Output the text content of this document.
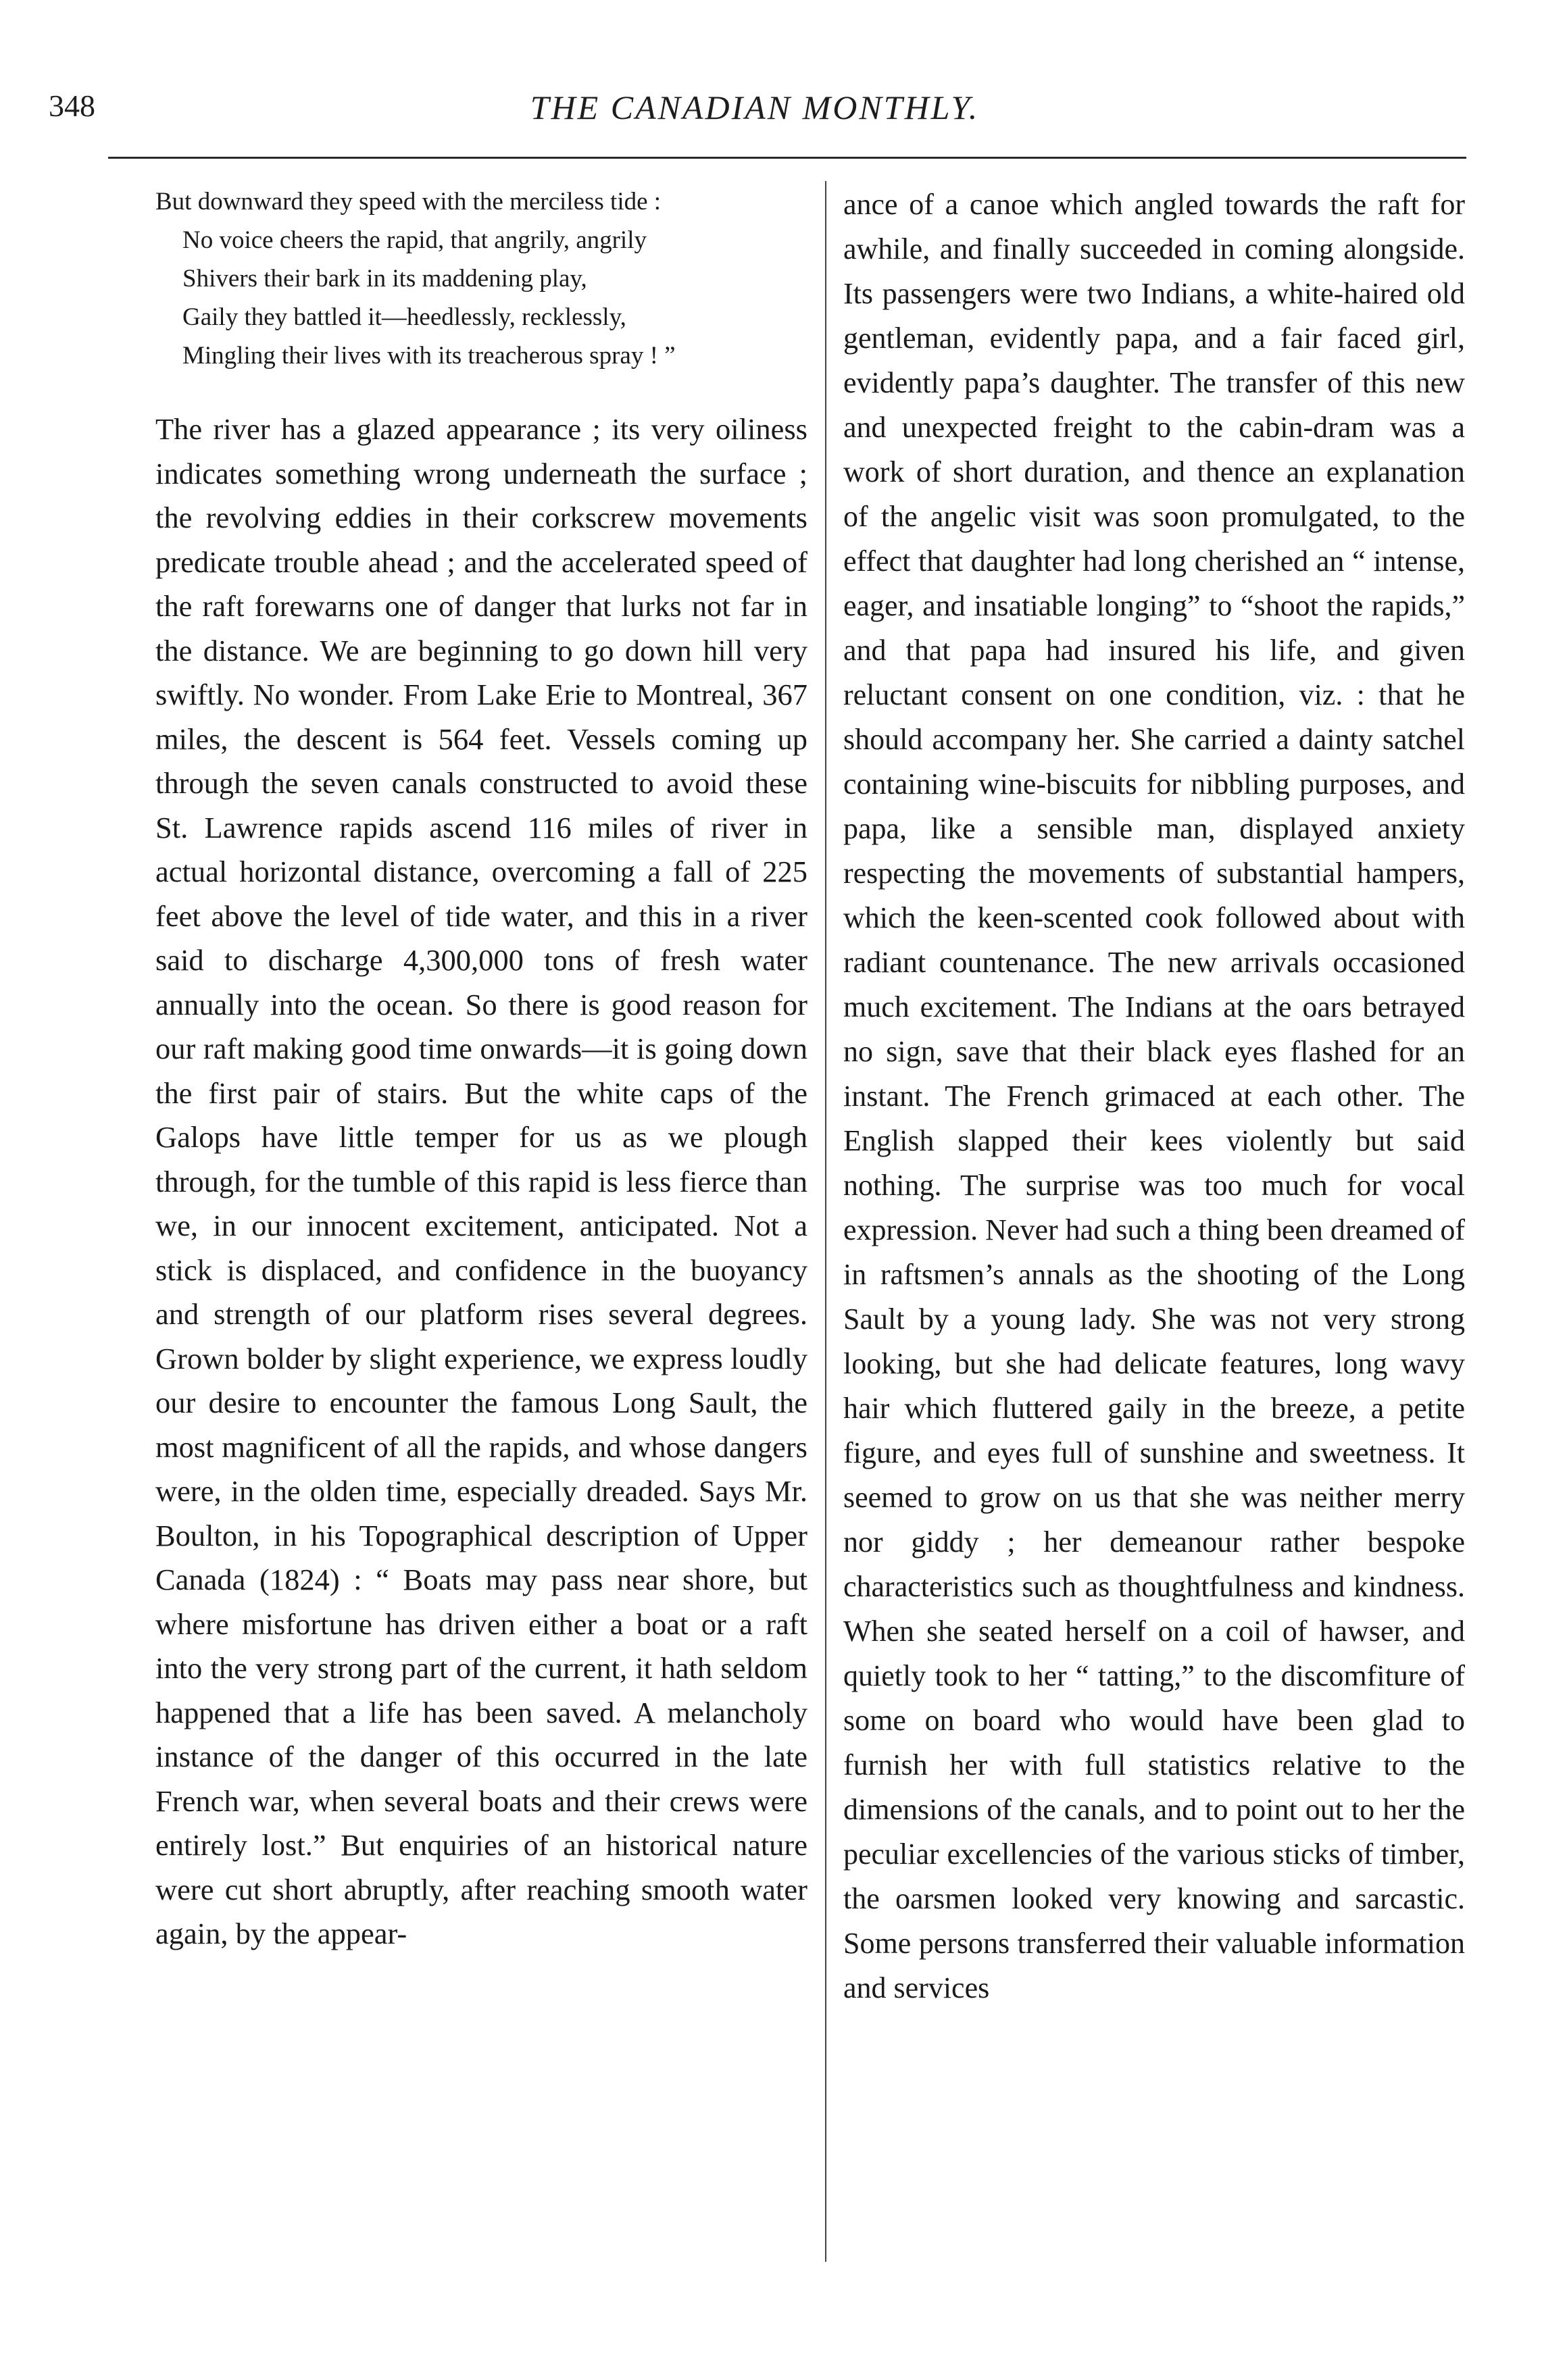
348	THE CANADIAN MONTHLY.
But downward they speed with the merciless tide :
No voice cheers the rapid, that angrily, angrily
Shivers their bark in its maddening play,
Gaily they battled it—heedlessly, recklessly,
Mingling their lives with its treacherous spray ! ”

The river has a glazed appearance ; its very oiliness indicates something wrong underneath the surface ; the revolving eddies in their corkscrew movements predicate trouble ahead ; and the accelerated speed of the raft forewarns one of danger that lurks not far in the distance. We are beginning to go down hill very swiftly. No wonder. From Lake Erie to Montreal, 367 miles, the descent is 564 feet. Vessels coming up through the seven canals constructed to avoid these St. Lawrence rapids ascend 116 miles of river in actual horizontal distance, overcoming a fall of 225 feet above the level of tide water, and this in a river said to discharge 4,300,000 tons of fresh water annually into the ocean. So there is good reason for our raft making good time onwards—it is going down the first pair of stairs. But the white caps of the Galops have little temper for us as we plough through, for the tumble of this rapid is less fierce than we, in our innocent excitement, anticipated. Not a stick is displaced, and confidence in the buoyancy and strength of our platform rises several degrees. Grown bolder by slight experience, we express loudly our desire to encounter the famous Long Sault, the most magnificent of all the rapids, and whose dangers were, in the olden time, especially dreaded. Says Mr. Boulton, in his Topographical description of Upper Canada (1824) : “ Boats may pass near shore, but where misfortune has driven either a boat or a raft into the very strong part of the current, it hath seldom happened that a life has been saved. A melancholy instance of the danger of this occurred in the late French war, when several boats and their crews were entirely lost.” But enquiries of an historical nature were cut short abruptly, after reaching smooth water again, by the appear-

ance of a canoe which angled towards the raft for awhile, and finally succeeded in coming alongside. Its passengers were two Indians, a white-haired old gentleman, evidently papa, and a fair faced girl, evidently papa’s daughter. The transfer of this new and unexpected freight to the cabin-dram was a work of short duration, and thence an explanation of the angelic visit was soon promulgated, to the effect that daughter had long cherished an “ intense, eager, and insatiable longing” to “shoot the rapids,” and that papa had insured his life, and given reluctant consent on one condition, viz. : that he should accompany her. She carried a dainty satchel containing wine-biscuits for nibbling purposes, and papa, like a sensible man, displayed anxiety respecting the movements of substantial hampers, which the keen-scented cook followed about with radiant countenance. The new arrivals occasioned much excitement. The Indians at the oars betrayed no sign, save that their black eyes flashed for an instant. The French grimaced at each other. The English slapped their kees violently but said nothing. The surprise was too much for vocal expression. Never had such a thing been dreamed of in raftsmen’s annals as the shooting of the Long Sault by a young lady. She was not very strong looking, but she had delicate features, long wavy hair which fluttered gaily in the breeze, a petite figure, and eyes full of sunshine and sweetness. It seemed to grow on us that she was neither merry nor giddy ; her demeanour rather bespoke characteristics such as thoughtfulness and kindness. When she seated herself on a coil of hawser, and quietly took to her “ tatting,” to the discomfiture of some on board who would have been glad to furnish her with full statistics relative to the dimensions of the canals, and to point out to her the peculiar excellencies of the various sticks of timber, the oarsmen looked very knowing and sarcastic. Some persons transferred their valuable information and services
